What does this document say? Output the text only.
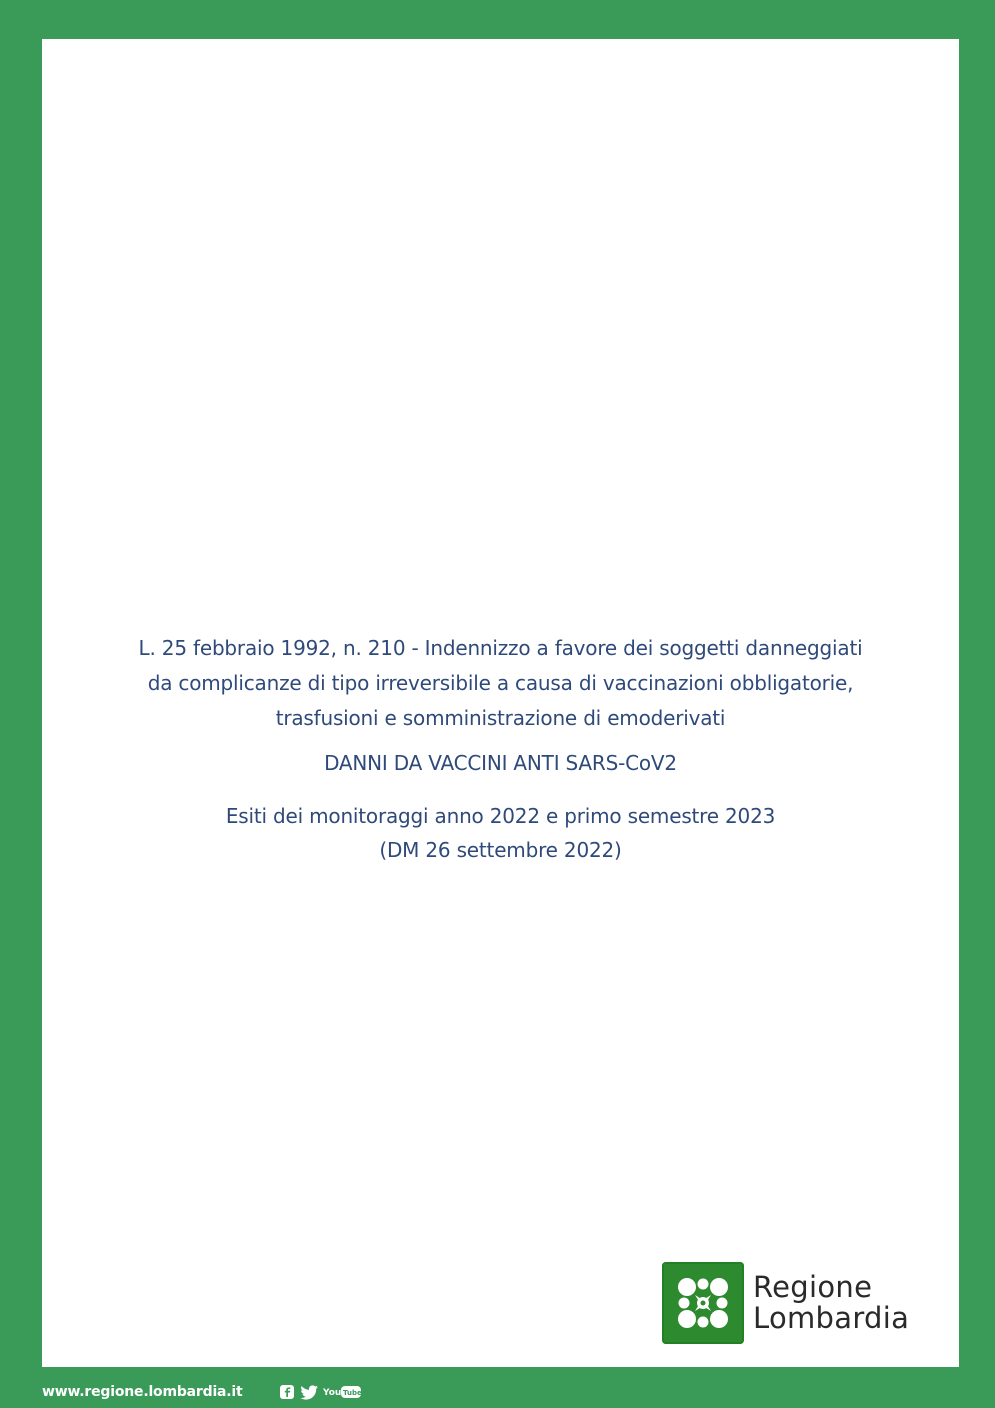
L. 25 febbraio 1992, n. 210 - Indennizzo a favore dei soggetti danneggiati
da complicanze di tipo irreversibile a causa di vaccinazioni obbligatorie,
trasfusioni e somministrazione di emoderivati

DANNI DA VACCINI ANTI SARS-CoV2

Esiti dei monitoraggi anno 2022 e primo semestre 2023
(DM 26 settembre 2022)

Regione
Lombardia
www.regione.lombardia.it	You Tube
